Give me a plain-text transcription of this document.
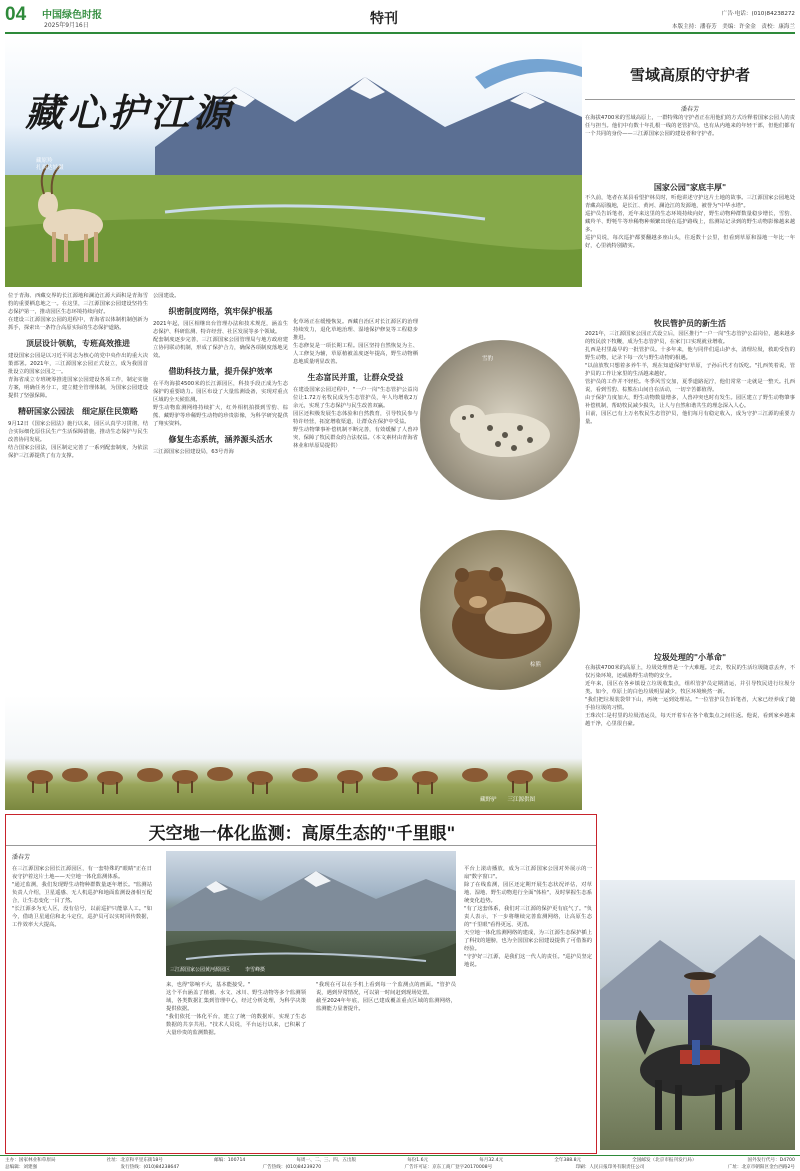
04 中国绿色时报
2025年9月16日	特刊	广告·电话：(010)84238272
本版主持：潘春芳　美编：许金金　责校：康海兰
藏心护江源
藏原羚
扎西达娃摄
雪域高原的守护者
潘春芳
在海拔4700米的雪域高原上，一群特殊的守护者正在用他们的方式诠释着国家公园人的责任与担当。他们中有数十年扎根一线的老管护员，也有从内地来的年轻干部，但他们都有一个共同的身份——三江源国家公园的建设者和守护者。
国家公园"家底丰厚"

不久前，笔者在某县看望护林员时，听他讲述守护这片土地的故事。三江源国家公园地处青藏高原腹地，是长江、黄河、澜沧江的发源地，被誉为"中华水塔"。

巡护员告诉笔者，近年来这里的生态环境持续向好，野生动物种群数量稳步增长，雪豹、藏羚羊、野牦牛等珍稀物种频繁出现在巡护路线上，监测站记录到的野生动物影像越来越多。

巡护员说，每次巡护都要翻越多座山头，往返数十公里，但看到草原和湿地一年比一年好，心里就特别踏实。

牧民管护员的新生活

2021年，三江源国家公园正式设立后，园区推行"一户一岗"生态管护公益岗位，越来越多的牧民放下牧鞭，成为生态管护员，在家门口实现就业增收。

扎西是村里最早的一批管护员。十多年来，他与同伴们巡山护水，清理垃圾，救助受伤的野生动物，记录下每一次与野生动物的相遇。

"以前放牧只想着多养牛羊，现在知道保护好草原，子孙后代才有饭吃。"扎西笑着说，管护员的工作让家里的生活越来越好。

管护员的工作并不轻松。冬季风雪交加，夏季道路泥泞，他们常常一走就是一整天。扎西说，看到雪豹、棕熊在山间自在活动，一切辛苦都值得。

由于保护力度加大，野生动物数量增多，人兽冲突也时有发生。园区建立了野生动物肇事补偿机制，帮助牧民减少损失，让人与自然和谐共生的理念深入人心。

目前，园区已有上万名牧民生态管护员，他们每月有稳定收入，成为守护三江源的重要力量。

垃圾处理的"小革命"

在海拔4700米的高原上，垃圾处理曾是一个大难题。过去，牧民的生活垃圾随意丢弃，不仅污染环境，还威胁野生动物的安全。

近年来，园区在各乡镇设立垃圾收集点，组织管护员定期清运，并引导牧民进行垃圾分类。如今，草原上的白色垃圾明显减少，牧区环境焕然一新。

"我们把垃圾装袋带下山，再统一运到处理站。"一位管护员告诉笔者，大家已经养成了随手捡垃圾的习惯。

王珠次仁是村里的垃圾清运员，每天开着车在各个收集点之间往返。他说，看到家乡越来越干净，心里很自豪。

位于青海、西藏交界的长江源地和澜沧江源大面积是青海雪豹的重要栖息地之一。在这里，三江源国家公园建设坚持生态保护第一，推动园区生态环境持续向好。

在建设三江源国家公园的进程中，青海省以体制机制创新为抓手，探索出一条符合高原实际的生态保护道路。

顶层设计领航，专班高效推进

建设国家公园是以习近平同志为核心的党中央作出的重大决策部署。2021年，三江源国家公园正式设立，成为我国首批设立的国家公园之一。

青海省成立专班统筹推进国家公园建设各项工作，制定实施方案，明确任务分工，建立健全管理体制，为国家公园建设提供了坚强保障。

精研国家公园法　细定原住民策略

9月12日《国家公园法》施行以来，园区认真学习贯彻，结合实际细化原住民生产生活保障措施，推动生态保护与民生改善协同发展。

结合国家公园法，园区制定完善了一系列配套制度，为依法保护三江源提供了有力支撑。

公园建设。

织密制度网络，筑牢保护根基

2021年起，园区相继出台管理办法和技术规范，涵盖生态保护、科研监测、特许经营、社区发展等多个领域。

配套制度逐步完善，三江源国家公园管理局与地方政府建立协同联动机制，形成了保护合力，确保各项制度落地见效。

借助科技力量，提升保护效率

在平均海拔4500米的长江源园区，科技手段正成为生态保护的重要助力。园区布设了大量监测设备，实现对重点区域的全天候监测。

野生动物监测网络持续扩大，红外相机拍摄到雪豹、棕熊、藏野驴等珍稀野生动物的珍贵影像，为科学研究提供了翔实资料。

修复生态系统，涵养源头活水

三江源国家公园建设局，63号青海

化草场正在缓慢恢复。西藏自治区对长江源区的治理持续发力，退化草地治理、湿地保护修复等工程稳步推进。

生态修复是一项长期工程。园区坚持自然恢复为主、人工修复为辅，草原植被盖度逐年提高，野生动物栖息地质量明显改善。

生态富民并重，让群众受益

在建设国家公园过程中，"一户一岗"生态管护公益岗位让1.72万名牧民成为生态管护员，年人均增收2万余元，实现了生态保护与民生改善双赢。

园区还积极发展生态体验和自然教育，引导牧民参与特许经营，拓宽增收渠道，让群众在保护中受益。

野生动物肇事补偿机制不断完善，有效缓解了人兽冲突，保障了牧民群众的合法权益。（本文素材由青海省林业和草原局提供）

三江源国家公园长江源园区　　　彭建生摄
雪豹
棕熊
藏野驴　　三江源供图
天空地一体化监测：高原生态的"千里眼"
潘春芳

在三江源国家公园长江源园区，有一套特殊的"眼睛"正在日夜守护着这片土地——天空地一体化监测体系。

"通过监测，我们发现野生动物种群数量逐年增长。"监测站负责人介绍，卫星遥感、无人机巡护和地面监测设备相互配合，让生态变化一目了然。

"长江源多为无人区，没有信号，以前巡护只能靠人工。"如今，借助卫星通信和北斗定位，巡护员可以实时回传数据，工作效率大大提高。

三江源国家公园黄河源园区　　　李雪峰摄

来，也得"影响不大，基本能接受。"

这个平台涵盖了植被、水文、冰川、野生动物等多个监测领域，各类数据汇集到管理中心，经过分析处理，为科学决策提供依据。

"我们依托一体化平台，建立了统一的数据库，实现了生态数据的共享共用。"技术人员说，平台运行以来，已积累了大量珍贵的监测数据。

"我现在可以在手机上看到每一个监测点的画面。"管护员说，遇到异常情况，可以第一时间赶到现场处置。

截至2024年年底，园区已建成覆盖重点区域的监测网络，监测能力显著提升。

平台上滚动播放，成为三江源国家公园对外展示的一扇"数字窗口"。

除了在线监测，园区还定期开展生态状况评估，对草地、湿地、野生动物进行全面"体检"，及时掌握生态系统变化趋势。

"有了这套体系，我们对三江源的保护更有底气了。"负责人表示，下一步将继续完善监测网络，让高原生态的"千里眼"看得更远、更清。

天空地一体化监测网络的建成，为三江源生态保护插上了科技的翅膀，也为全国国家公园建设提供了可借鉴的经验。

"守护好三江源，是我们这一代人的责任。"巡护员坚定地说。

主办：国家林业和草原局	社址：北京和平里东街18号	邮编：100714	每周一、二、三、四、五出版	每份1.6元	每月32.4元	全年388.8元	全国邮发（北京市报刊发行局）	国外发行代号：D4700
总编辑：刘建强	发行热线：(010)84238647	广告热线：(010)84239270	广告许可证：京东工商广登字20170008号	印刷：人民日报印务有限责任公司	广址：北京市朝阳区金台西路2号
